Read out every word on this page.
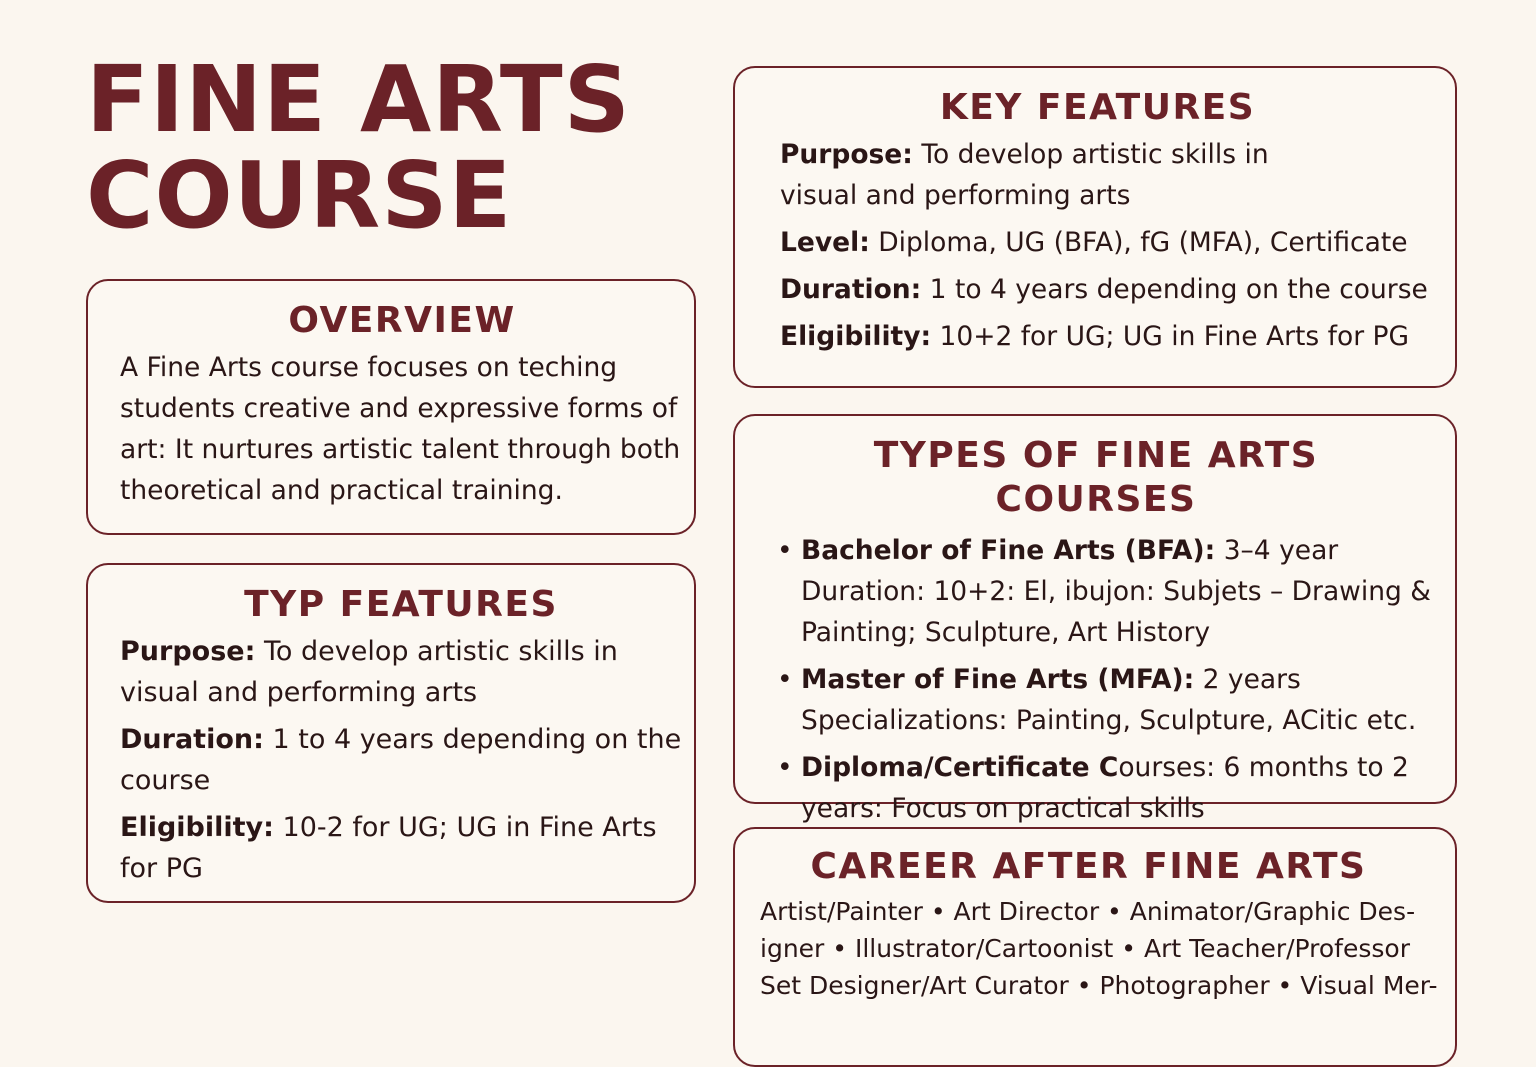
FINE ARTS
COURSE
OVERVIEW

A Fine Arts course focuses on teching students creative and expressive forms of art: It nurtures artistic talent through both theoretical and practical training.

TYP FEATURES
Purpose: To develop artistic skills in visual and performing arts
Duration: 1 to 4 years depending on the course
Eligibility: 10-2 for UG; UG in Fine Arts for PG
KEY FEATURES
Purpose: To develop artistic skills in visual and performing arts
Level: Diploma, UG (BFA), fG (MFA), Certificate
Duration: 1 to 4 years depending on the course
Eligibility: 10+2 for UG; UG in Fine Arts for PG
TYPES OF FINE ARTS COURSES
• Bachelor of Fine Arts (BFA): 3–4 year Duration: 10+2: El, ibujon: Subjets – Drawing & Painting; Sculpture, Art History
• Master of Fine Arts (MFA): 2 years Specializations: Painting, Sculpture, ACitic etc.
• Diploma/Certificate Courses: 6 months to 2 years: Focus on practical skills
CAREER AFTER FINE ARTS

Artist/Painter • Art Director • Animator/Graphic Designer • Illustrator/Cartoonist • Art Teacher/Professor Set Designer/Art Curator • Photographer • Visual Mer-
